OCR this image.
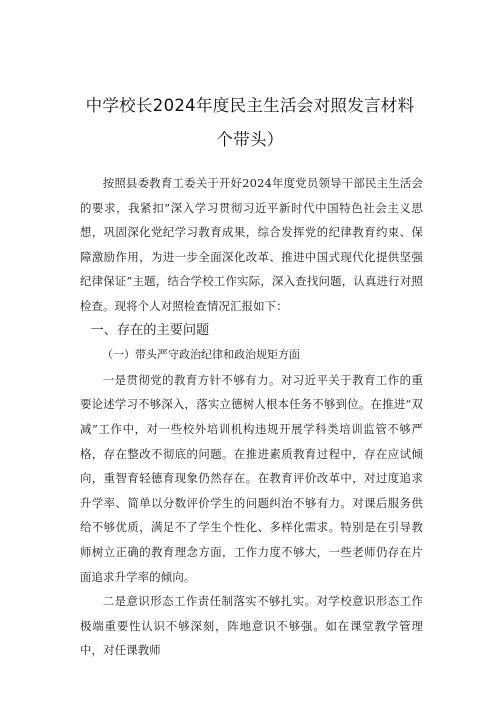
中学校长2024年度民主生活会对照发言材料
个带头）

按照县委教育工委关于开好2024年度党员领导干部民主生活会的要求，我紧扣”深入学习贯彻习近平新时代中国特色社会主义思想，巩固深化党纪学习教育成果，综合发挥党的纪律教育约束、保障激励作用，为进一步全面深化改革、推进中国式现代化提供坚强纪律保证”主题，结合学校工作实际，深入查找问题，认真进行对照检查。现将个人对照检查情况汇报如下：

一、存在的主要问题

（一）带头严守政治纪律和政治规矩方面

一是贯彻党的教育方针不够有力。对习近平关于教育工作的重要论述学习不够深入，落实立德树人根本任务不够到位。在推进“双减”工作中，对一些校外培训机构违规开展学科类培训监管不够严格，存在整改不彻底的问题。在推进素质教育过程中，存在应试倾向，重智育轻德育现象仍然存在。在教育评价改革中，对过度追求升学率、简单以分数评价学生的问题纠治不够有力。对课后服务供给不够优质，满足不了学生个性化、多样化需求。特别是在引导教师树立正确的教育理念方面，工作力度不够大，一些老师仍存在片面追求升学率的倾向。

二是意识形态工作责任制落实不够扎实。对学校意识形态工作极端重要性认识不够深刻，阵地意识不够强。如在课堂教学管理中，对任课教师
